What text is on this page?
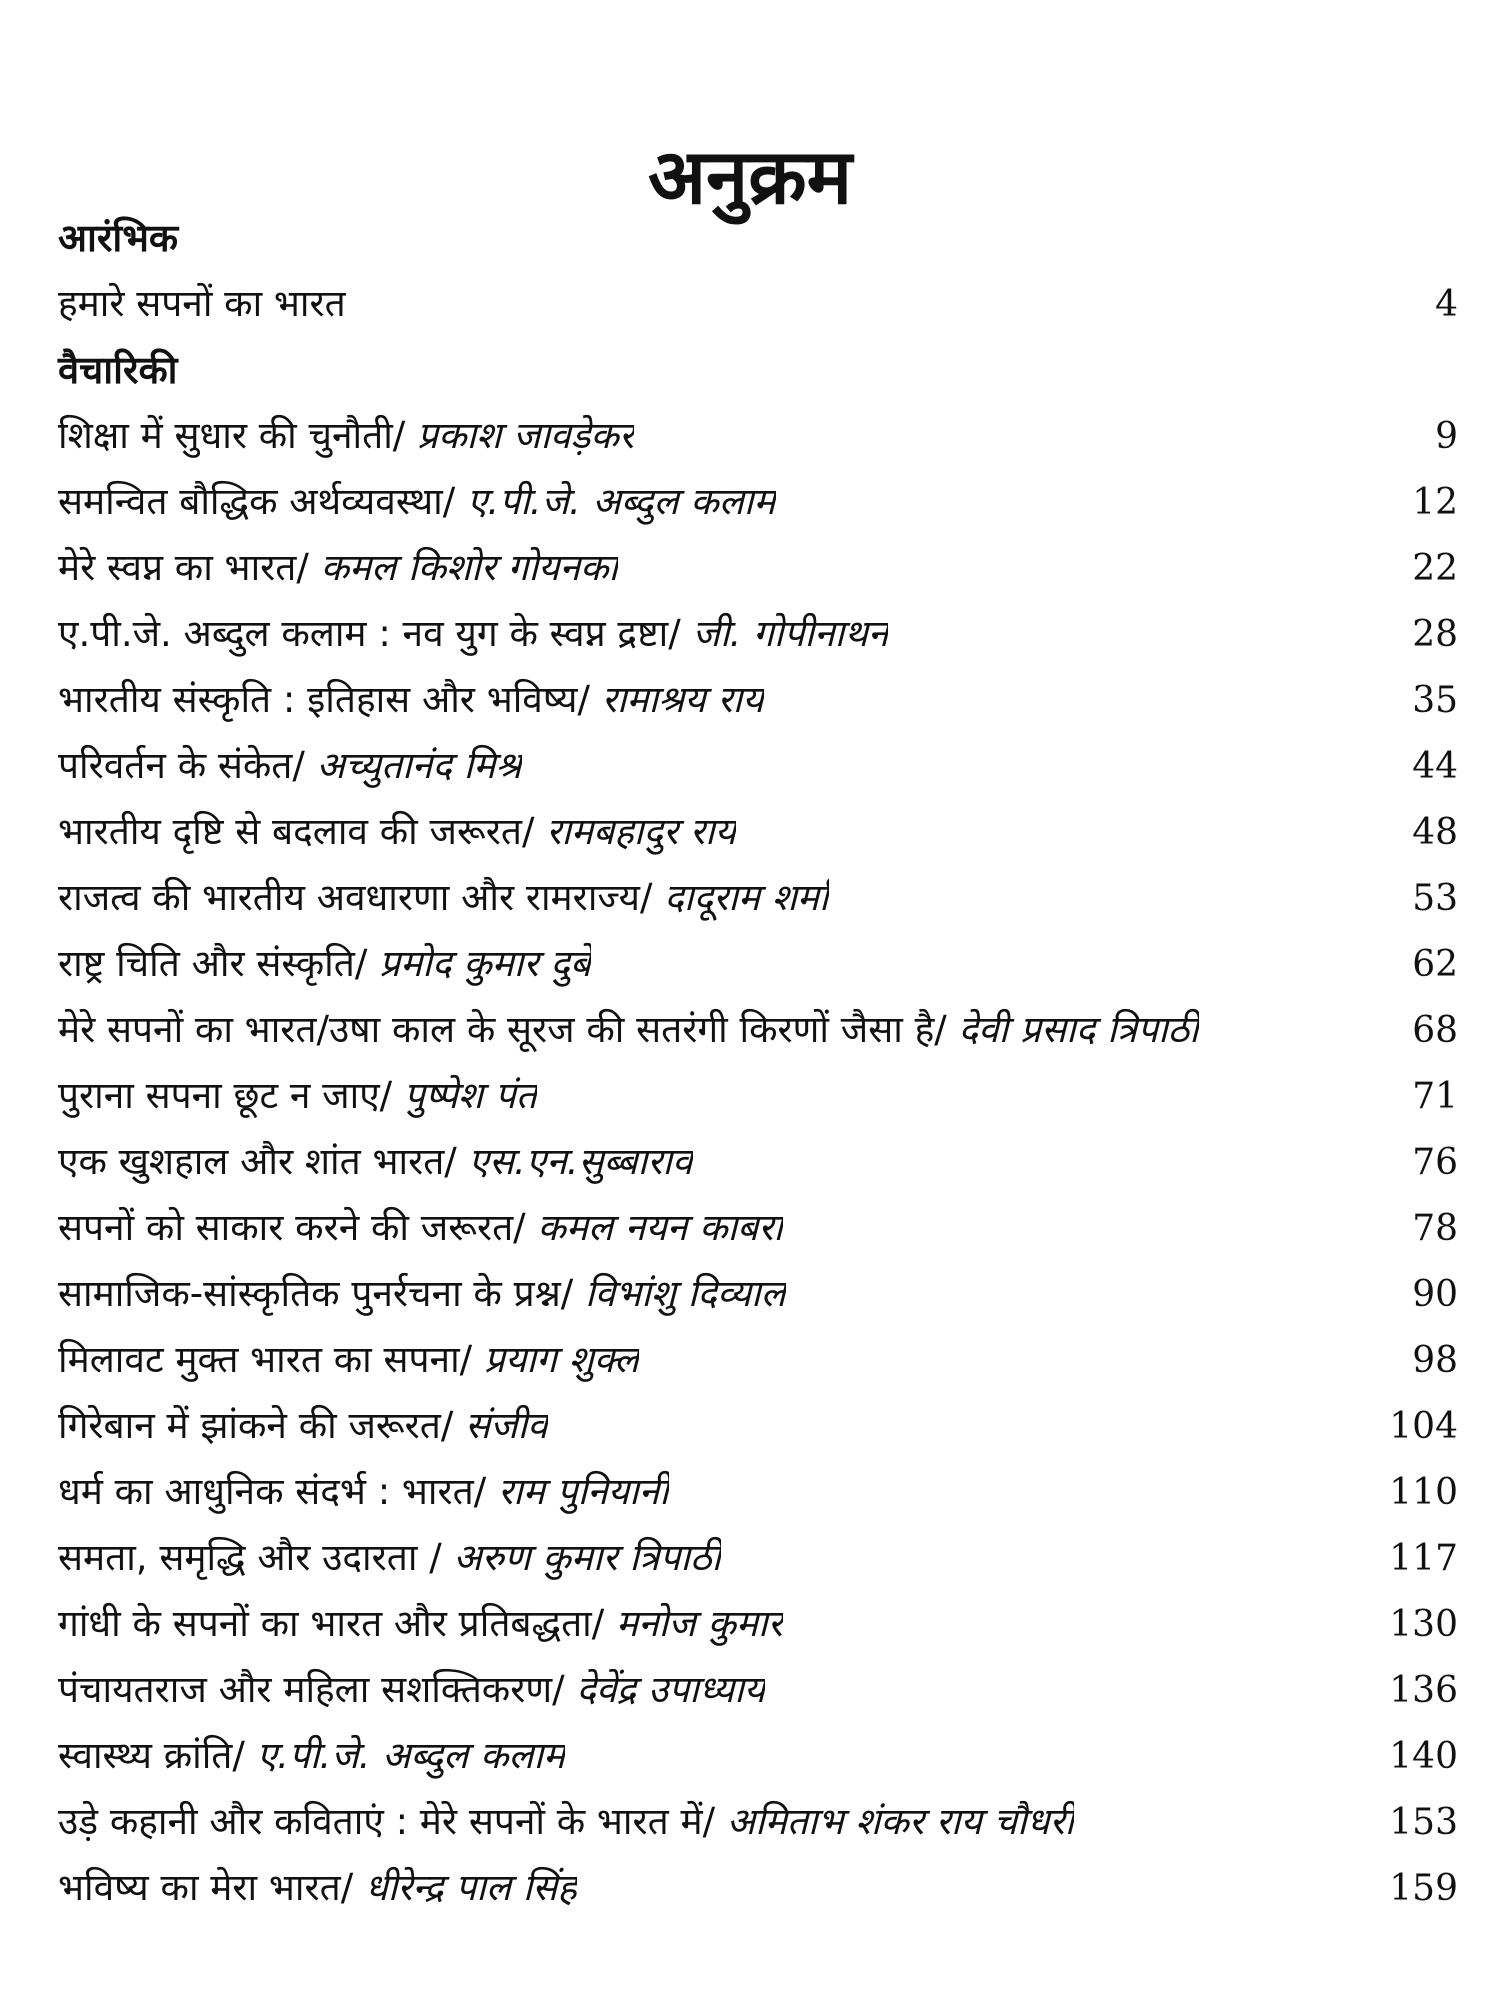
अनुक्रम
आरंभिक
हमारे सपनों का भारत	4
वैचारिकी
शिक्षा में सुधार की चुनौती/ प्रकाश जावड़ेकर	9
समन्वित बौद्धिक अर्थव्यवस्था/ ए.पी.जे. अब्दुल कलाम	12
मेरे स्वप्न का भारत/ कमल किशोर गोयनका	22
ए.पी.जे. अब्दुल कलाम : नव युग के स्वप्न द्रष्टा/ जी. गोपीनाथन	28
भारतीय संस्कृति : इतिहास और भविष्य/ रामाश्रय राय	35
परिवर्तन के संकेत/ अच्युतानंद मिश्र	44
भारतीय दृष्टि से बदलाव की जरूरत/ रामबहादुर राय	48
राजत्व की भारतीय अवधारणा और रामराज्य/ दादूराम शर्मा	53
राष्ट्र चिति और संस्कृति/ प्रमोद कुमार दुबे	62
मेरे सपनों का भारत/उषा काल के सूरज की सतरंगी किरणों जैसा है/ देवी प्रसाद त्रिपाठी	68
पुराना सपना छूट न जाए/ पुष्पेश पंत	71
एक खुशहाल और शांत भारत/ एस.एन.सुब्बाराव	76
सपनों को साकार करने की जरूरत/ कमल नयन काबरा	78
सामाजिक-सांस्कृतिक पुनर्रचना के प्रश्न/ विभांशु दिव्याल	90
मिलावट मुक्त भारत का सपना/ प्रयाग शुक्ल	98
गिरेबान में झांकने की जरूरत/ संजीव	104
धर्म का आधुनिक संदर्भ : भारत/ राम पुनियानी	110
समता, समृद्धि और उदारता / अरुण कुमार त्रिपाठी	117
गांधी के सपनों का भारत और प्रतिबद्धता/ मनोज कुमार	130
पंचायतराज और महिला सशक्तिकरण/ देवेंद्र उपाध्याय	136
स्वास्थ्य क्रांति/ ए.पी.जे. अब्दुल कलाम	140
उड़े कहानी और कविताएं : मेरे सपनों के भारत में/ अमिताभ शंकर राय चौधरी	153
भविष्य का मेरा भारत/ धीरेन्द्र पाल सिंह	159
